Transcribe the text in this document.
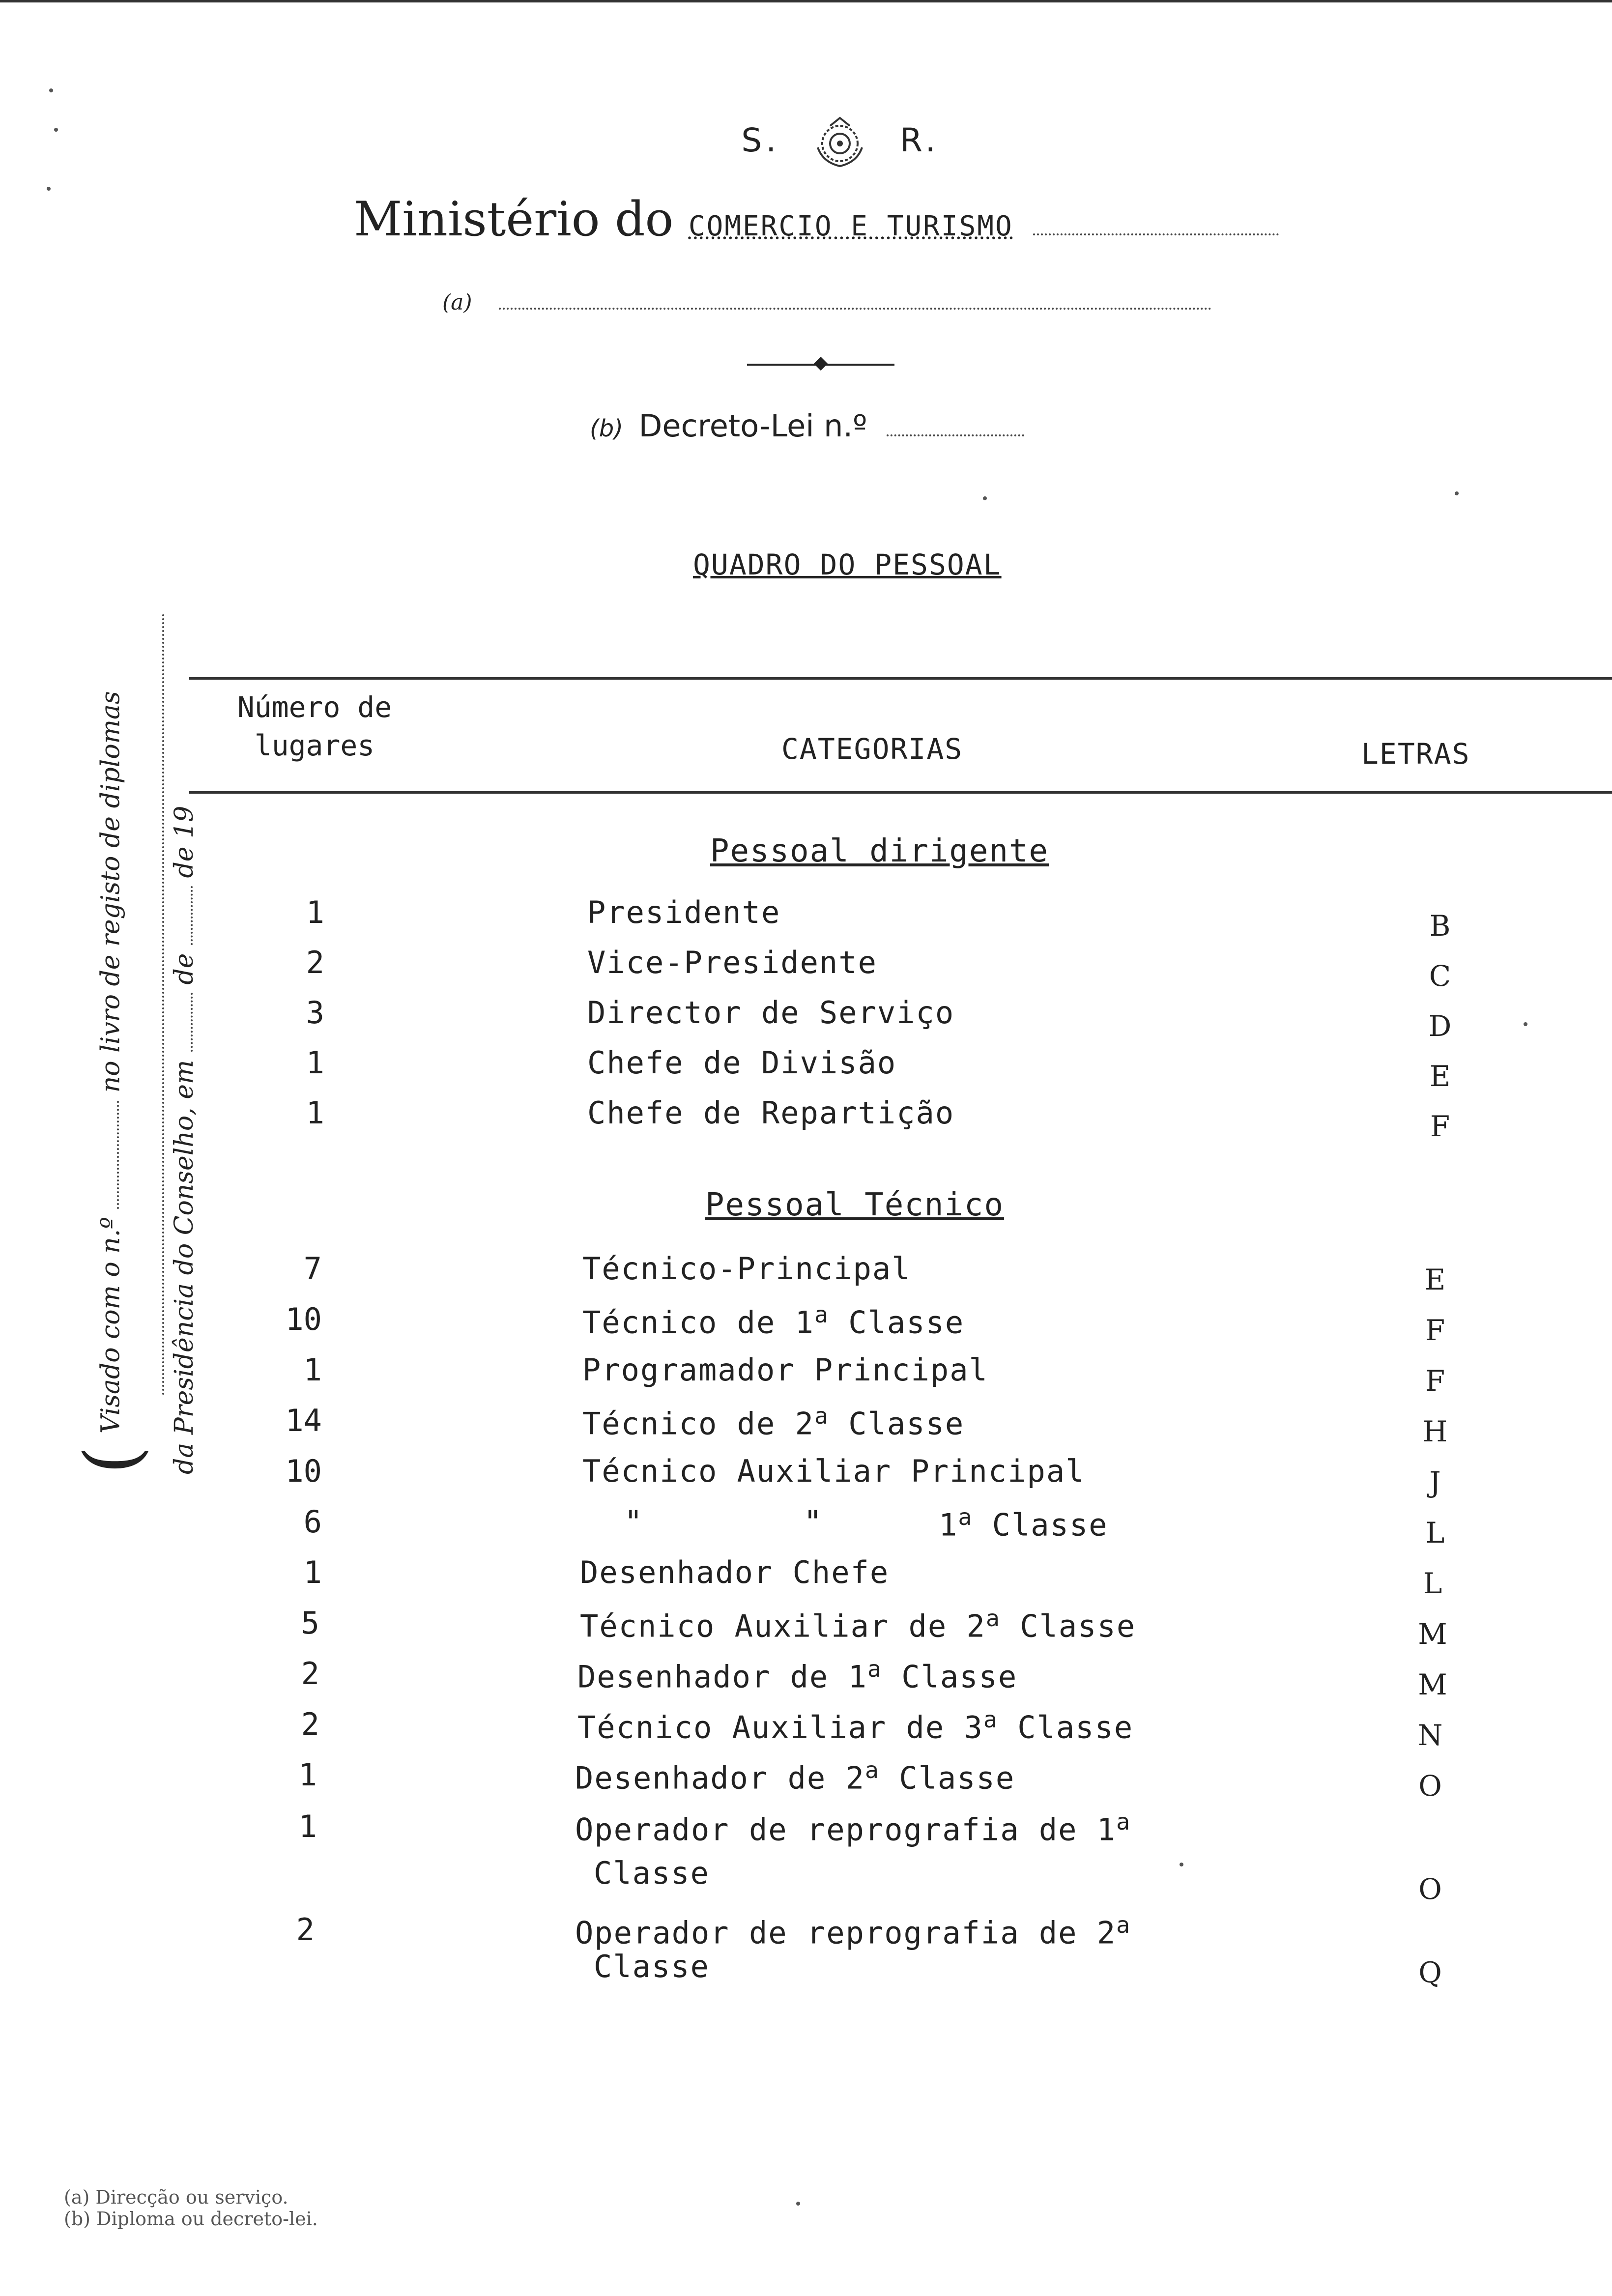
S.	R.
Ministério do COMERCIO E TURISMO
(a)
(b) Decreto-Lei n.º
QUADRO DO PESSOAL
( Visado com o n.º  no livro de registo de diplomas
da Presidência do Conselho, em  de  de 19
Número de
lugares	CATEGORIAS	LETRAS
Pessoal dirigente
1	Presidente	B
2	Vice-Presidente	C
3	Director de Serviço	D
1	Chefe de Divisão	E
1	Chefe de Repartição	F
Pessoal Técnico
7	Técnico-Principal	E
10	Técnico de 1$^a$ Classe	F
1	Programador Principal	F
14	Técnico de 2$^a$ Classe	H
10	Técnico Auxiliar Principal	J
6	"	"	1$^a$ Classe	L
1	Desenhador Chefe	L
5	Técnico Auxiliar de 2$^a$ Classe	M
2	Desenhador de 1$^a$ Classe	M
2	Técnico Auxiliar de 3$^a$ Classe	N
1	Desenhador de 2$^a$ Classe	O
1	Operador de reprografia de 1$^a$
Classe	O
2	Operador de reprografia de 2$^a$
Classe	Q
(a) Direcção ou serviço.
(b) Diploma ou decreto-lei.
